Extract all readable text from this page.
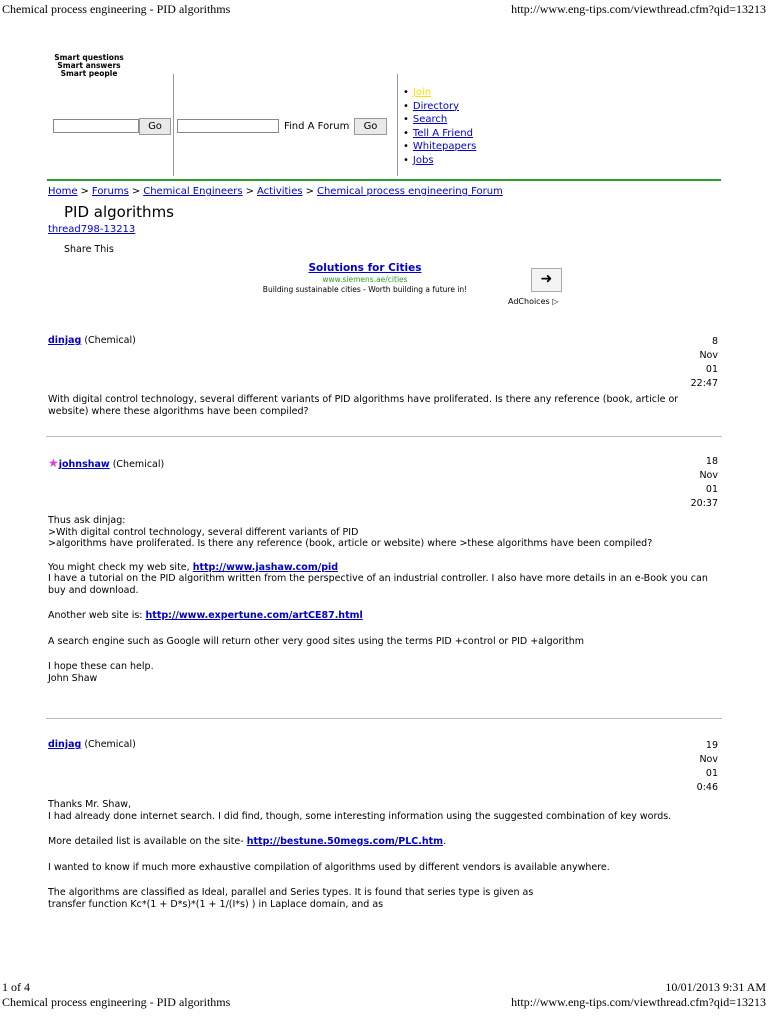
Chemical process engineering - PID algorithms	http://www.eng-tips.com/viewthread.cfm?qid=13213
Smart questions
Smart answers
Smart people
Go	Find A Forum	Go
• Join
• Directory
• Search
• Tell A Friend
• Whitepapers
• Jobs
Home > Forums > Chemical Engineers > Activities > Chemical process engineering Forum
PID algorithms
thread798-13213
Share This
Solutions for Cities
www.siemens.ae/cities
Building sustainable cities - Worth building a future in!
➜
AdChoices ▷
dinjag (Chemical)	8
Nov
01
22:47

With digital control technology, several different variants of PID algorithms have proliferated. Is there any reference (book, article or website) where these algorithms have been compiled?

★johnshaw (Chemical)	18
Nov
01
20:37

Thus ask dinjag:

>With digital control technology, several different variants of PID

>algorithms have proliferated. Is there any reference (book, article or website) where >these algorithms have been compiled?

You might check my web site, http://www.jashaw.com/pid

I have a tutorial on the PID algorithm written from the perspective of an industrial controller. I also have more details in an e-Book you can buy and download.

Another web site is: http://www.expertune.com/artCE87.html

A search engine such as Google will return other very good sites using the terms PID +control or PID +algorithm

I hope these can help.

John Shaw

dinjag (Chemical)	19
Nov
01
0:46

Thanks Mr. Shaw,

I had already done internet search. I did find, though, some interesting information using the suggested combination of key words.

More detailed list is available on the site- http://bestune.50megs.com/PLC.htm.

I wanted to know if much more exhaustive compilation of algorithms used by different vendors is available anywhere.

The algorithms are classified as Ideal, parallel and Series types. It is found that series type is given as

transfer function Kc*(1 + D*s)*(1 + 1/(I*s) ) in Laplace domain, and as

1 of 4	10/01/2013 9:31 AM
Chemical process engineering - PID algorithms	http://www.eng-tips.com/viewthread.cfm?qid=13213
